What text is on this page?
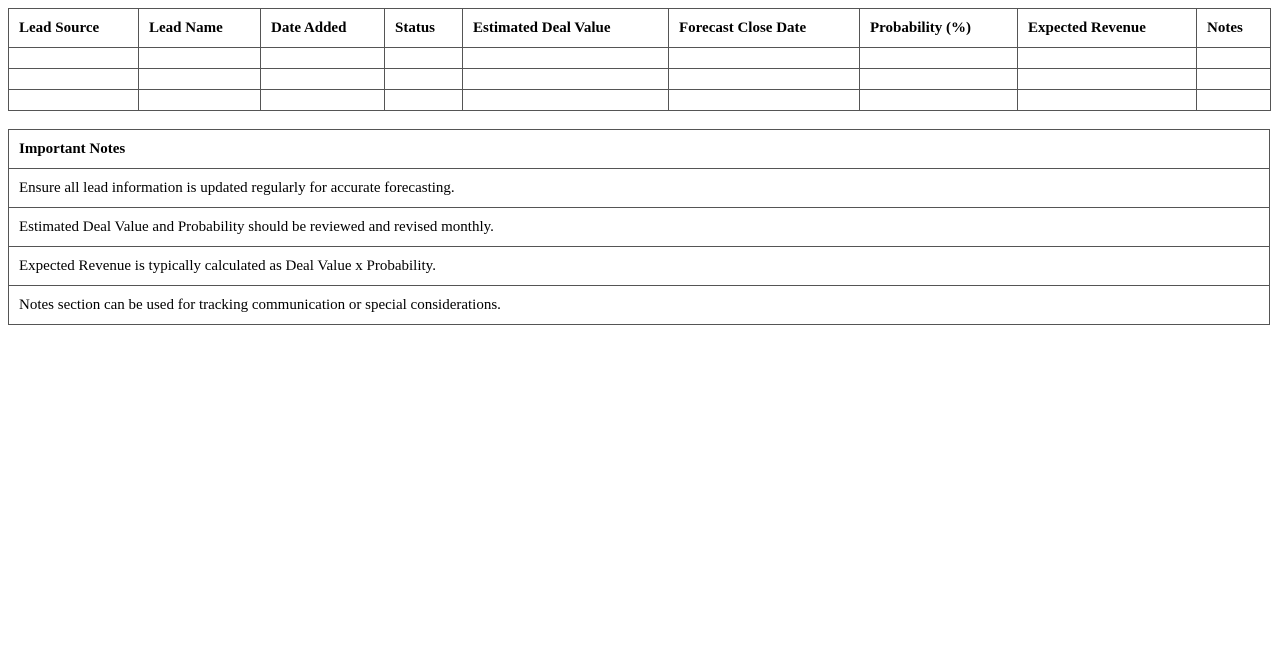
Lead Source	Lead Name	Date Added	Status	Estimated Deal Value	Forecast Close Date	Probability (%)	Expected Revenue	Notes

Important Notes
Ensure all lead information is updated regularly for accurate forecasting.
Estimated Deal Value and Probability should be reviewed and revised monthly.
Expected Revenue is typically calculated as Deal Value x Probability.
Notes section can be used for tracking communication or special considerations.
